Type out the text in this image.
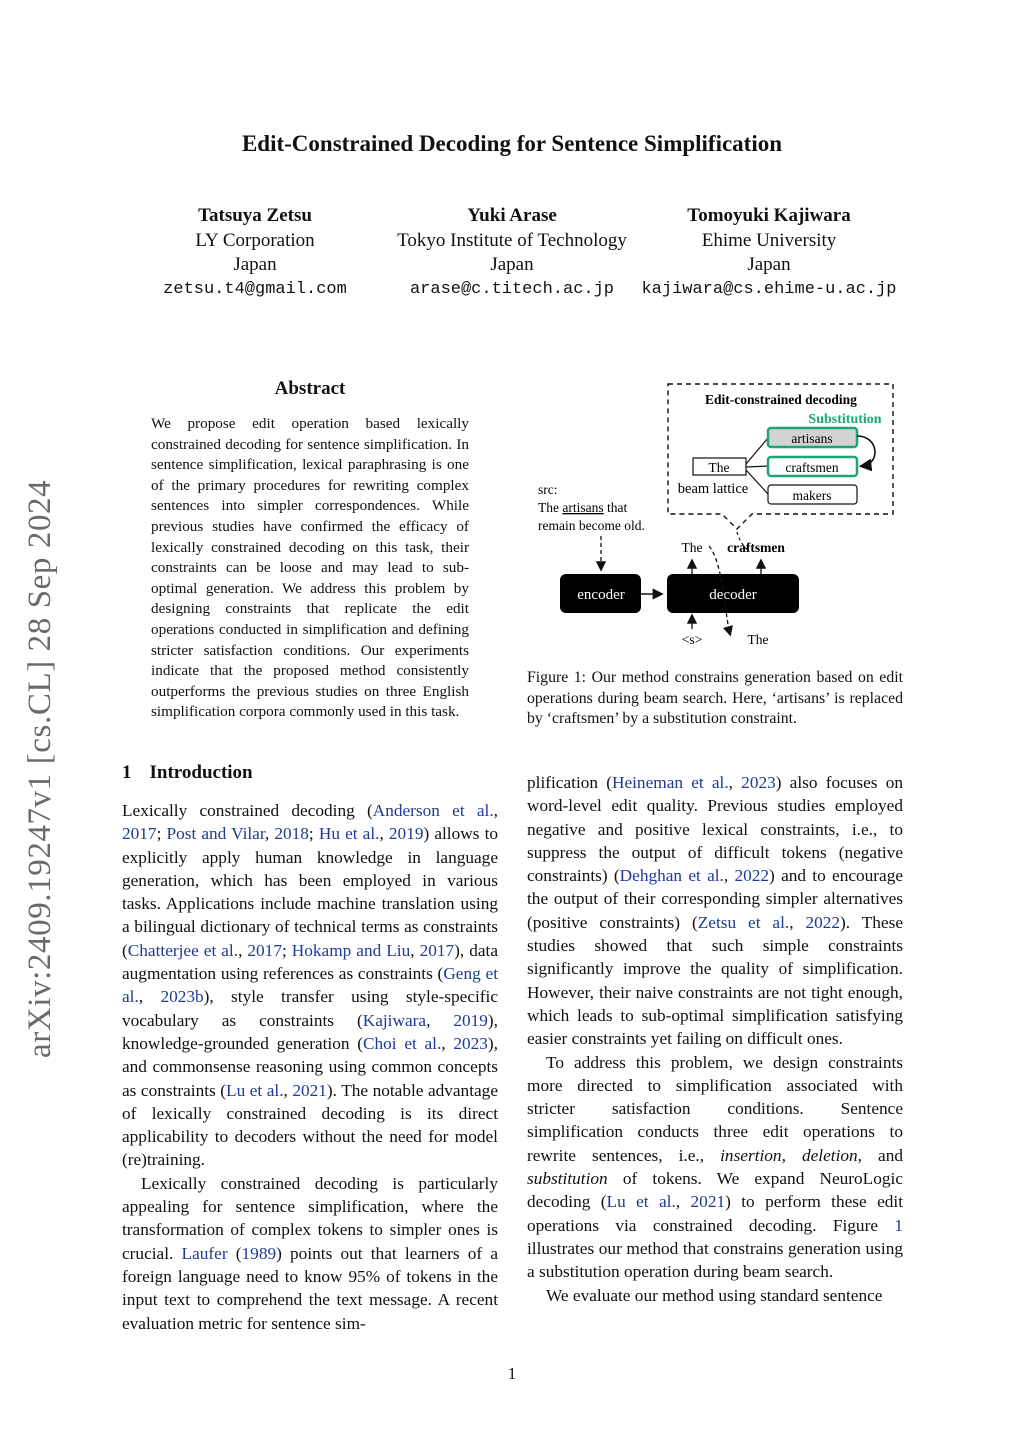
Edit-Constrained Decoding for Sentence Simplification
Tatsuya Zetsu
LY Corporation
Japan
zetsu.t4@gmail.com
Yuki Arase
Tokyo Institute of Technology
Japan
arase@c.titech.ac.jp
Tomoyuki Kajiwara
Ehime University
Japan
kajiwara@cs.ehime-u.ac.jp
arXiv:2409.19247v1 [cs.CL] 28 Sep 2024
Abstract
We propose edit operation based lexically constrained decoding for sentence simplification. In sentence simplification, lexical paraphrasing is one of the primary procedures for rewriting complex sentences into simpler correspondences. While previous studies have confirmed the efficacy of lexically constrained decoding on this task, their constraints can be loose and may lead to sub-optimal generation. We address this problem by designing constraints that replicate the edit operations conducted in simplification and defining stricter satisfaction conditions. Our experiments indicate that the proposed method consistently outperforms the previous studies on three English simplification corpora commonly used in this task.
1 Introduction

Lexically constrained decoding (Anderson et al., 2017; Post and Vilar, 2018; Hu et al., 2019) allows to explicitly apply human knowledge in language generation, which has been employed in various tasks. Applications include machine translation using a bilingual dictionary of technical terms as constraints (Chatterjee et al., 2017; Hokamp and Liu, 2017), data augmentation using references as constraints (Geng et al., 2023b), style transfer using style-specific vocabulary as constraints (Kajiwara, 2019), knowledge-grounded generation (Choi et al., 2023), and commonsense reasoning using common concepts as constraints (Lu et al., 2021). The notable advantage of lexically constrained decoding is its direct applicability to decoders without the need for model (re)training.

Lexically constrained decoding is particularly appealing for sentence simplification, where the transformation of complex tokens to simpler ones is crucial. Laufer (1989) points out that learners of a foreign language need to know 95% of tokens in the input text to comprehend the text message. A recent evaluation metric for sentence sim-

Edit-constrained decoding
Substitution
The
beam lattice
artisans
craftsmen
makers
src:
The artisans that
remain become old.
encoder	decoder
The craftsmen
<s>	The
Figure 1: Our method constrains generation based on edit operations during beam search. Here, ‘artisans’ is replaced by ‘craftsmen’ by a substitution constraint.

plification (Heineman et al., 2023) also focuses on word-level edit quality. Previous studies employed negative and positive lexical constraints, i.e., to suppress the output of difficult tokens (negative constraints) (Dehghan et al., 2022) and to encourage the output of their corresponding simpler alternatives (positive constraints) (Zetsu et al., 2022). These studies showed that such simple constraints significantly improve the quality of simplification. However, their naive constraints are not tight enough, which leads to sub-optimal simplification satisfying easier constraints yet failing on difficult ones.

To address this problem, we design constraints more directed to simplification associated with stricter satisfaction conditions. Sentence simplification conducts three edit operations to rewrite sentences, i.e., insertion, deletion, and substitution of tokens. We expand NeuroLogic decoding (Lu et al., 2021) to perform these edit operations via constrained decoding. Figure 1 illustrates our method that constrains generation using a substitution operation during beam search.

We evaluate our method using standard sentence

1
